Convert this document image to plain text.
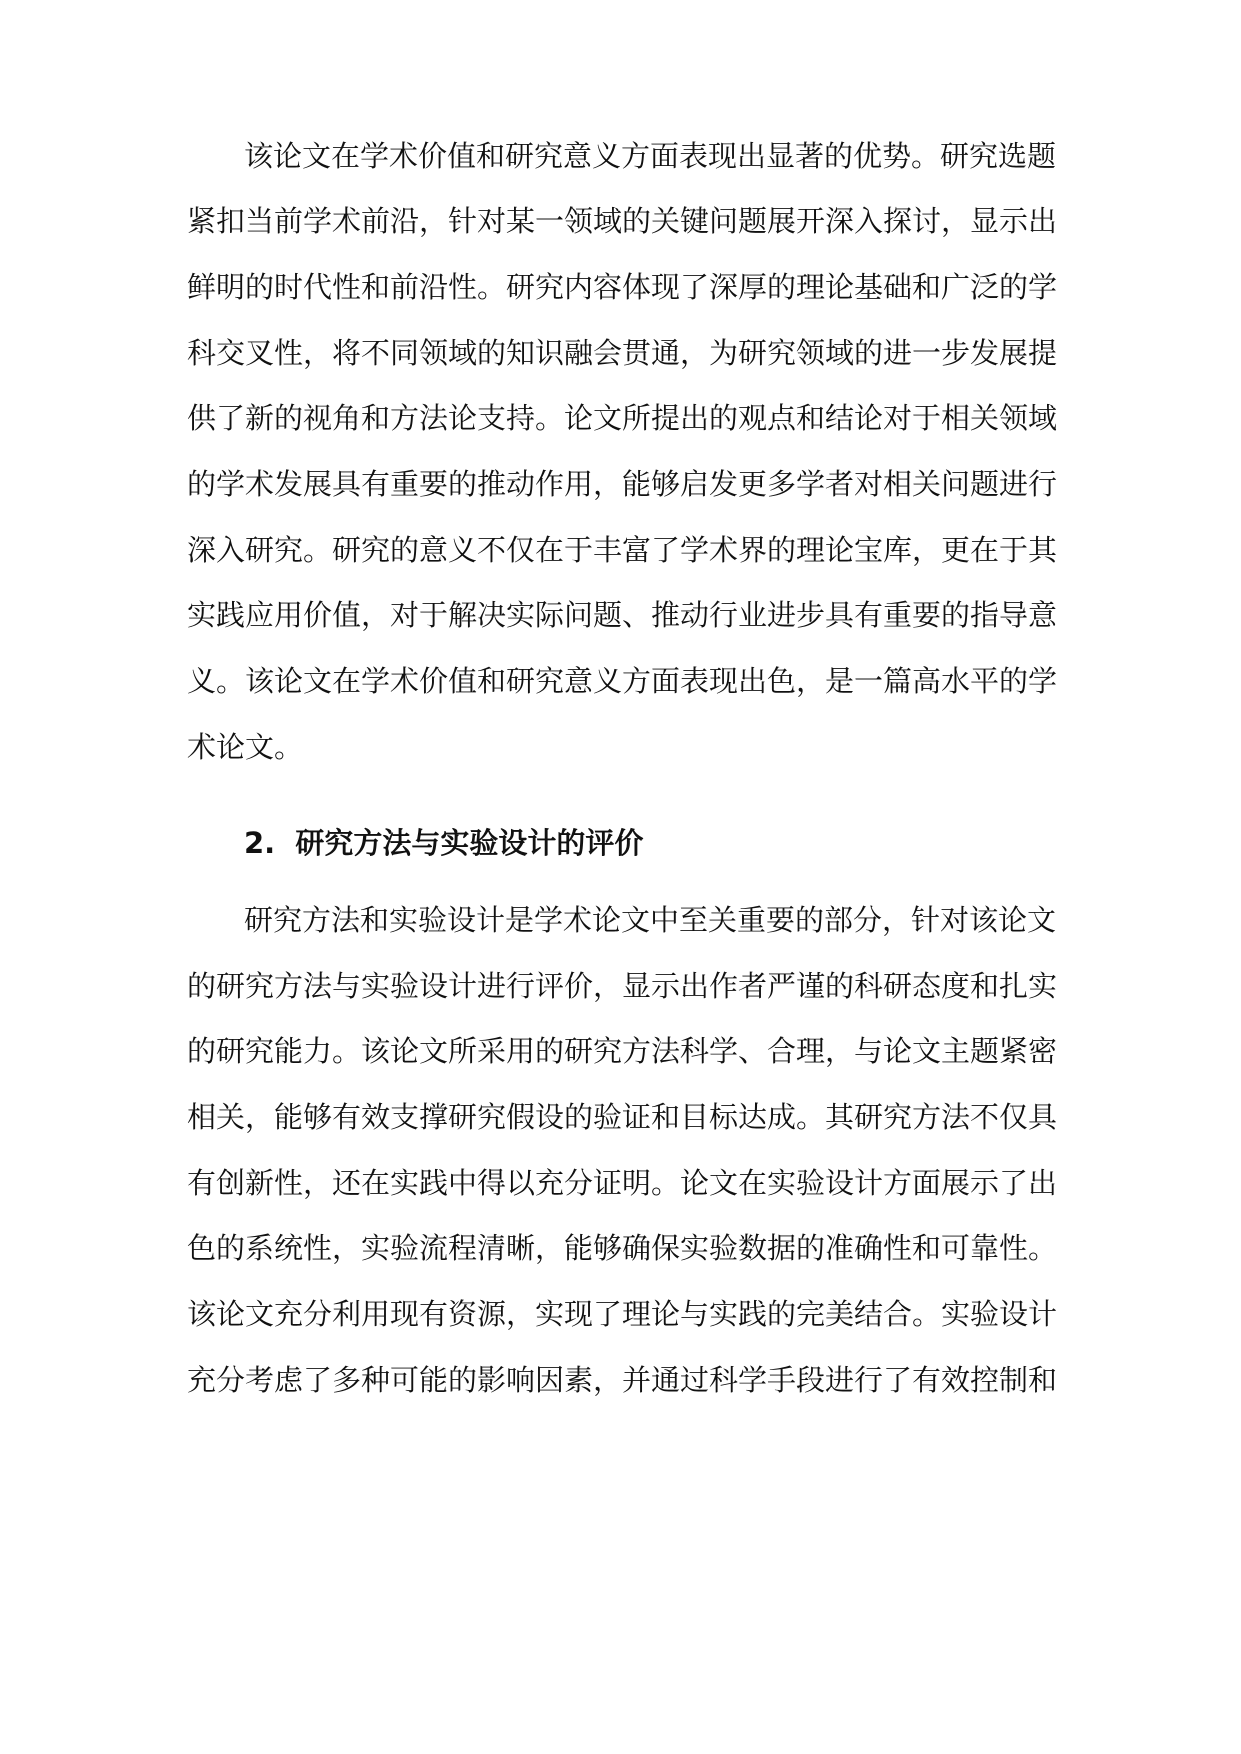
该论文在学术价值和研究意义方面表现出显著的优势。研究选题
紧扣当前学术前沿，针对某一领域的关键问题展开深入探讨，显示出
鲜明的时代性和前沿性。研究内容体现了深厚的理论基础和广泛的学
科交叉性，将不同领域的知识融会贯通，为研究领域的进一步发展提
供了新的视角和方法论支持。论文所提出的观点和结论对于相关领域
的学术发展具有重要的推动作用，能够启发更多学者对相关问题进行
深入研究。研究的意义不仅在于丰富了学术界的理论宝库，更在于其
实践应用价值，对于解决实际问题、推动行业进步具有重要的指导意
义。该论文在学术价值和研究意义方面表现出色，是一篇高水平的学
术论文。
2.  研究方法与实验设计的评价
研究方法和实验设计是学术论文中至关重要的部分，针对该论文
的研究方法与实验设计进行评价，显示出作者严谨的科研态度和扎实
的研究能力。该论文所采用的研究方法科学、合理，与论文主题紧密
相关，能够有效支撑研究假设的验证和目标达成。其研究方法不仅具
有创新性，还在实践中得以充分证明。论文在实验设计方面展示了出
色的系统性，实验流程清晰，能够确保实验数据的准确性和可靠性。
该论文充分利用现有资源，实现了理论与实践的完美结合。实验设计
充分考虑了多种可能的影响因素，并通过科学手段进行了有效控制和
